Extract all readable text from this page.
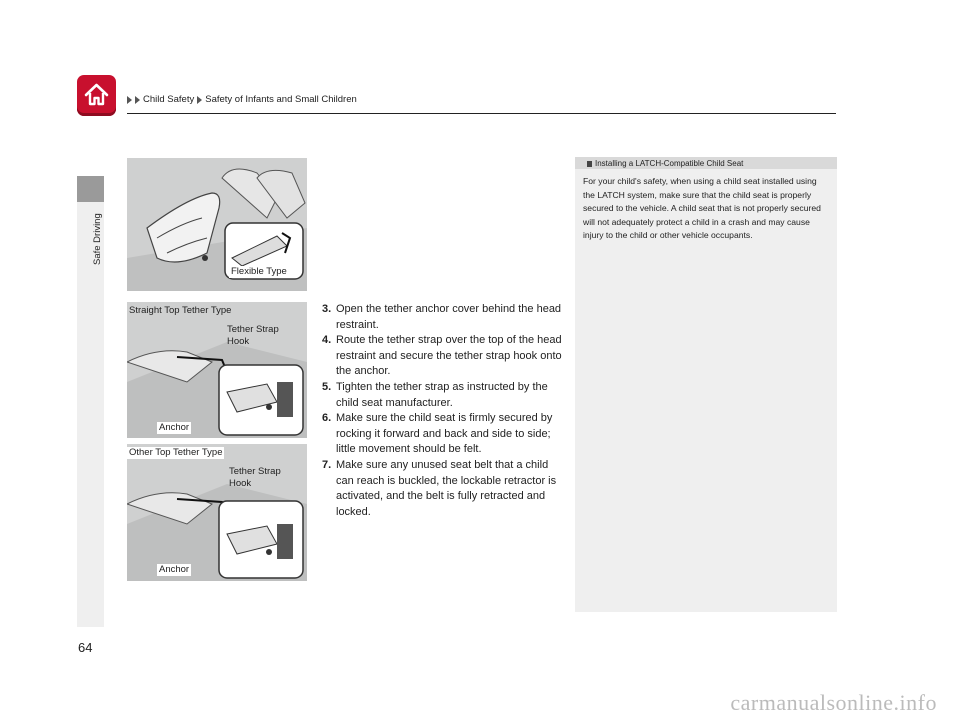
Child Safety Safety of Infants and Small Children
Safe Driving
Flexible Type
Straight Top Tether Type
Tether Strap
Hook
Anchor
Other Top Tether Type
Tether Strap
Hook
Anchor
3. Open the tether anchor cover behind the head restraint.
4. Route the tether strap over the top of the head restraint and secure the tether strap hook onto the anchor.
5. Tighten the tether strap as instructed by the child seat manufacturer.
6. Make sure the child seat is firmly secured by rocking it forward and back and side to side; little movement should be felt.
7. Make sure any unused seat belt that a child can reach is buckled, the lockable retractor is activated, and the belt is fully retracted and locked.
Installing a LATCH-Compatible Child Seat
For your child's safety, when using a child seat installed using the LATCH system, make sure that the child seat is properly secured to the vehicle. A child seat that is not properly secured will not adequately protect a child in a crash and may cause injury to the child or other vehicle occupants.
64
carmanualsonline.info
